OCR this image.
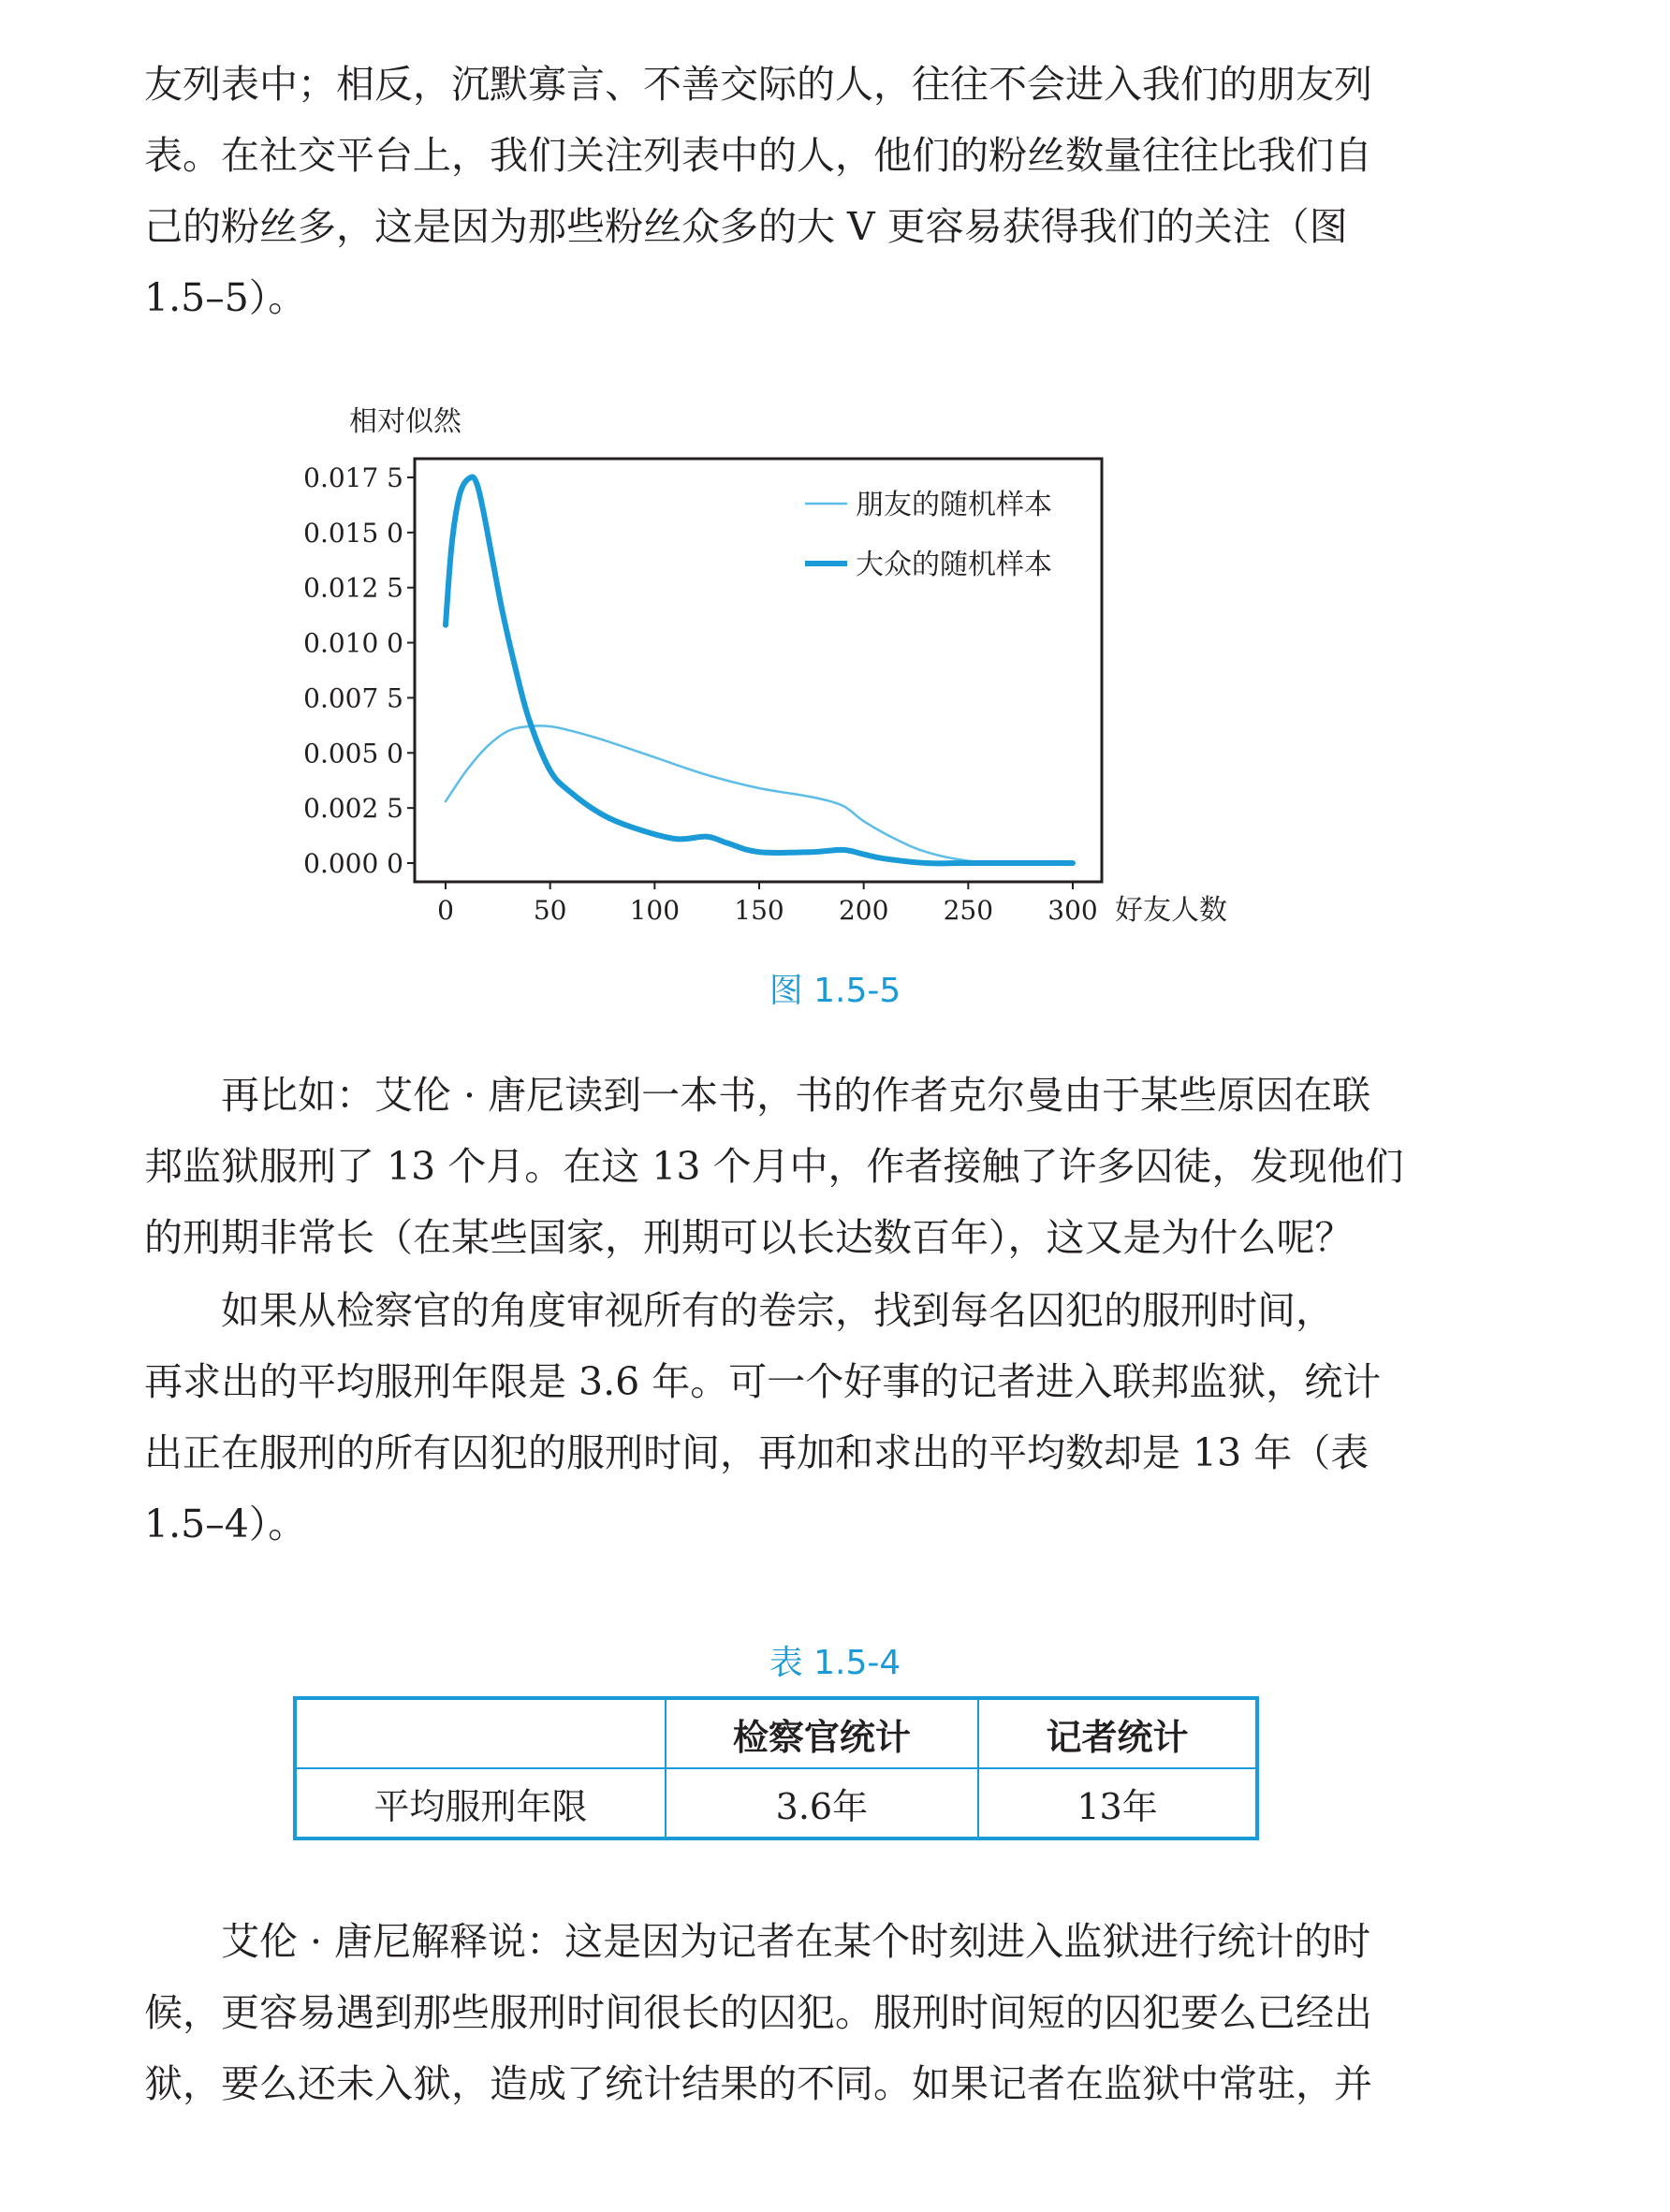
友列表中；相反，沉默寡言、不善交际的人，往往不会进入我们的朋友列
表。在社交平台上，我们关注列表中的人，他们的粉丝数量往往比我们自
己的粉丝多，这是因为那些粉丝众多的大 V 更容易获得我们的关注（图
1.5–5）。
相对似然
0.000 0
0.002 5
0.005 0
0.007 5
0.010 0
0.012 5
0.015 0
0.017 5
0	50 100 150 200 250 300 好友人数
朋友的随机样本
大众的随机样本
图 1.5-5
再比如：艾伦 · 唐尼读到一本书，书的作者克尔曼由于某些原因在联
邦监狱服刑了 13 个月。在这 13 个月中，作者接触了许多囚徒，发现他们
的刑期非常长（在某些国家，刑期可以长达数百年），这又是为什么呢？
如果从检察官的角度审视所有的卷宗，找到每名囚犯的服刑时间，
再求出的平均服刑年限是 3.6 年。可一个好事的记者进入联邦监狱，统计
出正在服刑的所有囚犯的服刑时间，再加和求出的平均数却是 13 年（表
1.5–4）。
表 1.5-4
	检察官统计	记者统计
平均服刑年限	3.6年	13年
艾伦 · 唐尼解释说：这是因为记者在某个时刻进入监狱进行统计的时
候，更容易遇到那些服刑时间很长的囚犯。服刑时间短的囚犯要么已经出
狱，要么还未入狱，造成了统计结果的不同。如果记者在监狱中常驻，并
